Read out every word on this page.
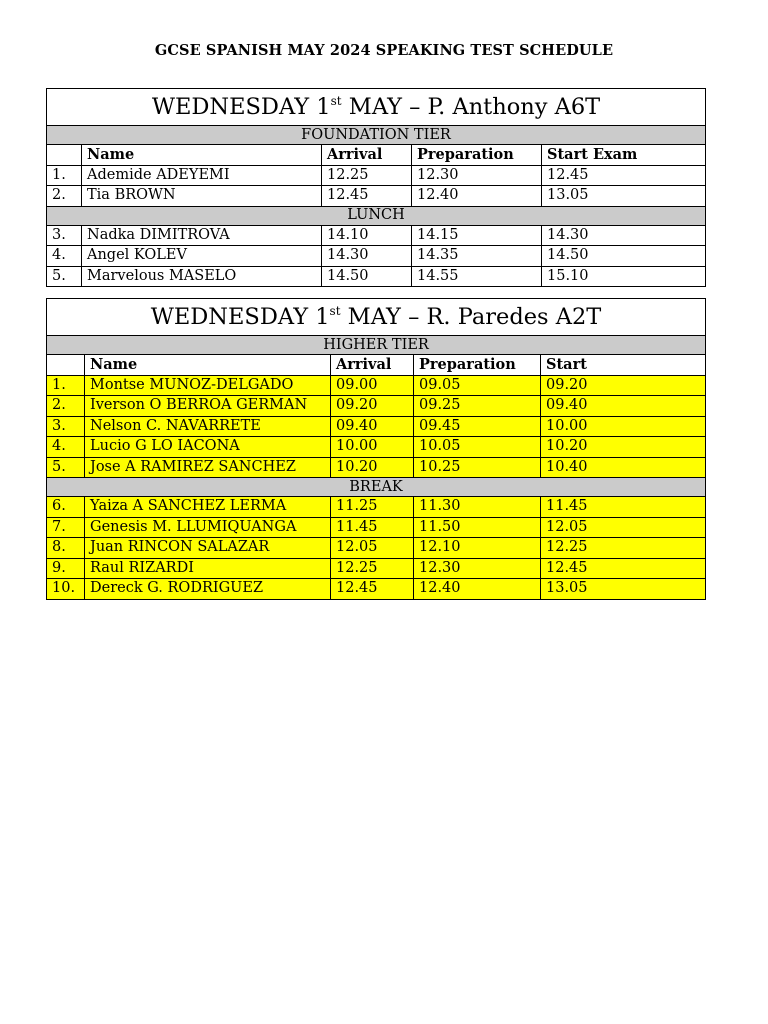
GCSE SPANISH MAY 2024 SPEAKING TEST SCHEDULE
WEDNESDAY 1st MAY – P. Anthony A6T				
FOUNDATION TIER				
	Name	Arrival	Preparation	Start Exam
1.	Ademide ADEYEMI	12.25	12.30	12.45
2.	Tia BROWN	12.45	12.40	13.05
LUNCH				
3.	Nadka DIMITROVA	14.10	14.15	14.30
4.	Angel KOLEV	14.30	14.35	14.50
5.	Marvelous MASELO	14.50	14.55	15.10
WEDNESDAY 1st MAY – R. Paredes A2T				
HIGHER TIER				
	Name	Arrival	Preparation	Start
1.	Montse MUNOZ-DELGADO	09.00	09.05	09.20
2.	Iverson O BERROA GERMAN	09.20	09.25	09.40
3.	Nelson C. NAVARRETE	09.40	09.45	10.00
4.	Lucio G LO IACONA	10.00	10.05	10.20
5.	Jose A RAMIREZ SANCHEZ	10.20	10.25	10.40
BREAK				
6.	Yaiza A SANCHEZ LERMA	11.25	11.30	11.45
7.	Genesis M. LLUMIQUANGA	11.45	11.50	12.05
8.	Juan RINCON SALAZAR	12.05	12.10	12.25
9.	Raul RIZARDI	12.25	12.30	12.45
10.	Dereck G. RODRIGUEZ	12.45	12.40	13.05
